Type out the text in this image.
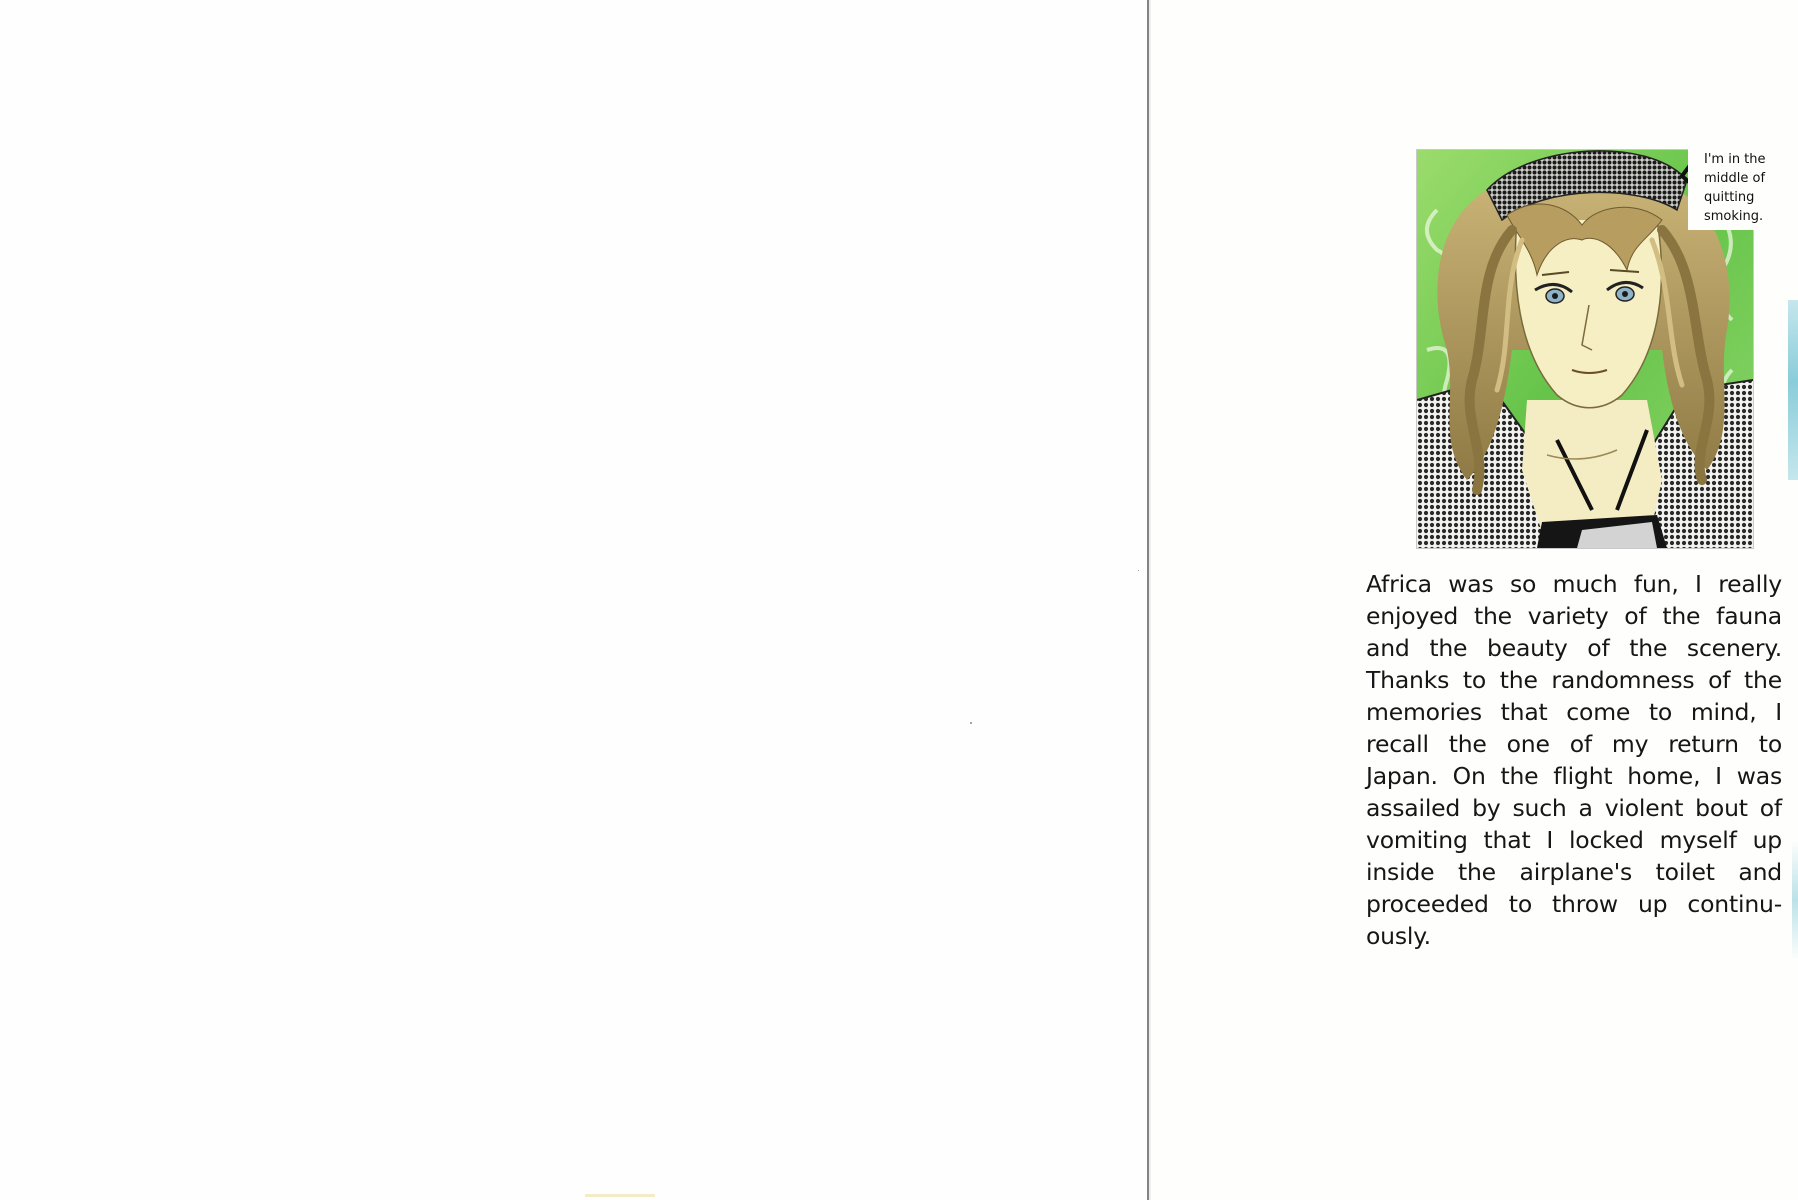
I'm in the
middle of
quitting
smoking.
Africa was so much fun, I really
enjoyed the variety of the fauna
and the beauty of the scenery.
Thanks to the randomness of the
memories that come to mind, I
recall the one of my return to
Japan. On the flight home, I was
assailed by such a violent bout of
vomiting that I locked myself up
inside the airplane's toilet and
proceeded to throw up continu-
ously.
